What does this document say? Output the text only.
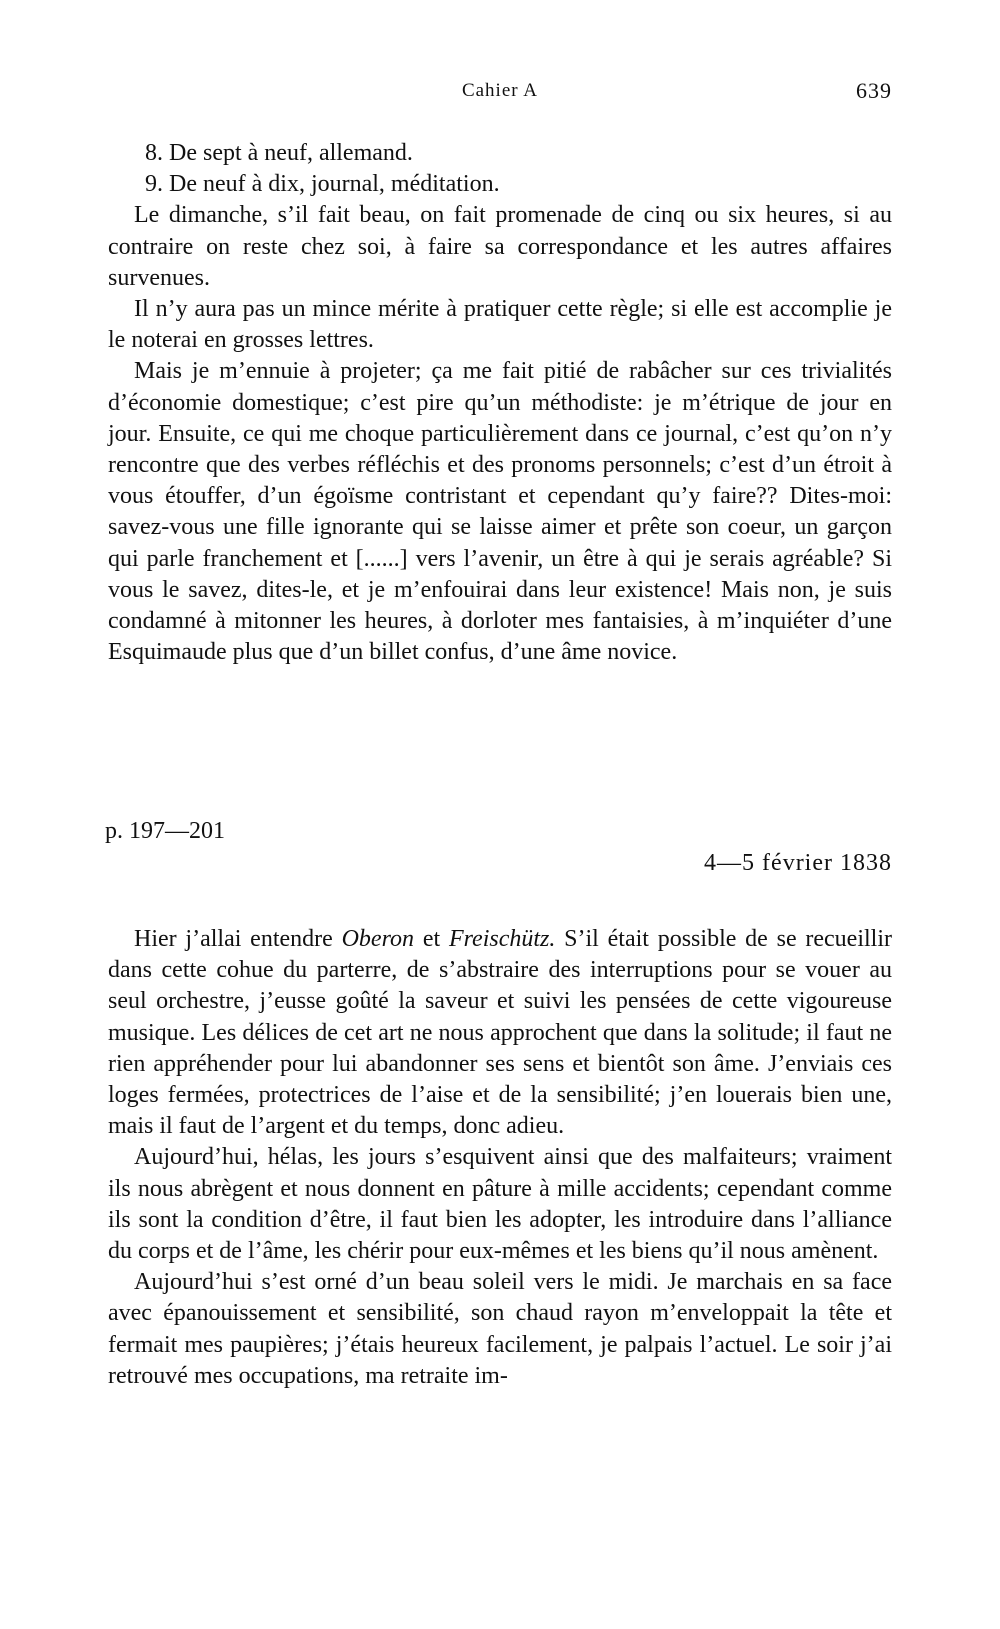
Cahier A	639

8. De sept à neuf, allemand.

9. De neuf à dix, journal, méditation.

Le dimanche, s’il fait beau, on fait promenade de cinq ou six heures, si au contraire on reste chez soi, à faire sa correspondance et les autres affaires survenues.

Il n’y aura pas un mince mérite à pratiquer cette règle; si elle est accomplie je le noterai en grosses lettres.

Mais je m’ennuie à projeter; ça me fait pitié de rabâcher sur ces trivialités d’économie domestique; c’est pire qu’un méthodiste: je m’étrique de jour en jour. Ensuite, ce qui me choque particulièrement dans ce journal, c’est qu’on n’y rencontre que des verbes réfléchis et des pronoms personnels; c’est d’un étroit à vous étouffer, d’un égoïsme contristant et cependant qu’y faire?? Dites-moi: savez-vous une fille ignorante qui se laisse aimer et prête son coeur, un garçon qui parle franchement et [......] vers l’avenir, un être à qui je serais agréable? Si vous le savez, dites-le, et je m’enfouirai dans leur existence! Mais non, je suis condamné à mitonner les heures, à dorloter mes fantaisies, à m’inquiéter d’une Esquimaude plus que d’un billet confus, d’une âme novice.

p. 197—201
4—5 février 1838

Hier j’allai entendre Oberon et Freischütz. S’il était possible de se recueillir dans cette cohue du parterre, de s’abstraire des interruptions pour se vouer au seul orchestre, j’eusse goûté la saveur et suivi les pensées de cette vigoureuse musique. Les délices de cet art ne nous approchent que dans la solitude; il faut ne rien appréhender pour lui abandonner ses sens et bientôt son âme. J’enviais ces loges fermées, protectrices de l’aise et de la sensibilité; j’en louerais bien une, mais il faut de l’argent et du temps, donc adieu.

Aujourd’hui, hélas, les jours s’esquivent ainsi que des malfaiteurs; vraiment ils nous abrègent et nous donnent en pâture à mille accidents; cependant comme ils sont la condition d’être, il faut bien les adopter, les introduire dans l’alliance du corps et de l’âme, les chérir pour eux-mêmes et les biens qu’il nous amènent.

Aujourd’hui s’est orné d’un beau soleil vers le midi. Je marchais en sa face avec épanouissement et sensibilité, son chaud rayon m’enveloppait la tête et fermait mes paupières; j’étais heureux facilement, je palpais l’actuel. Le soir j’ai retrouvé mes occupations, ma retraite im-
